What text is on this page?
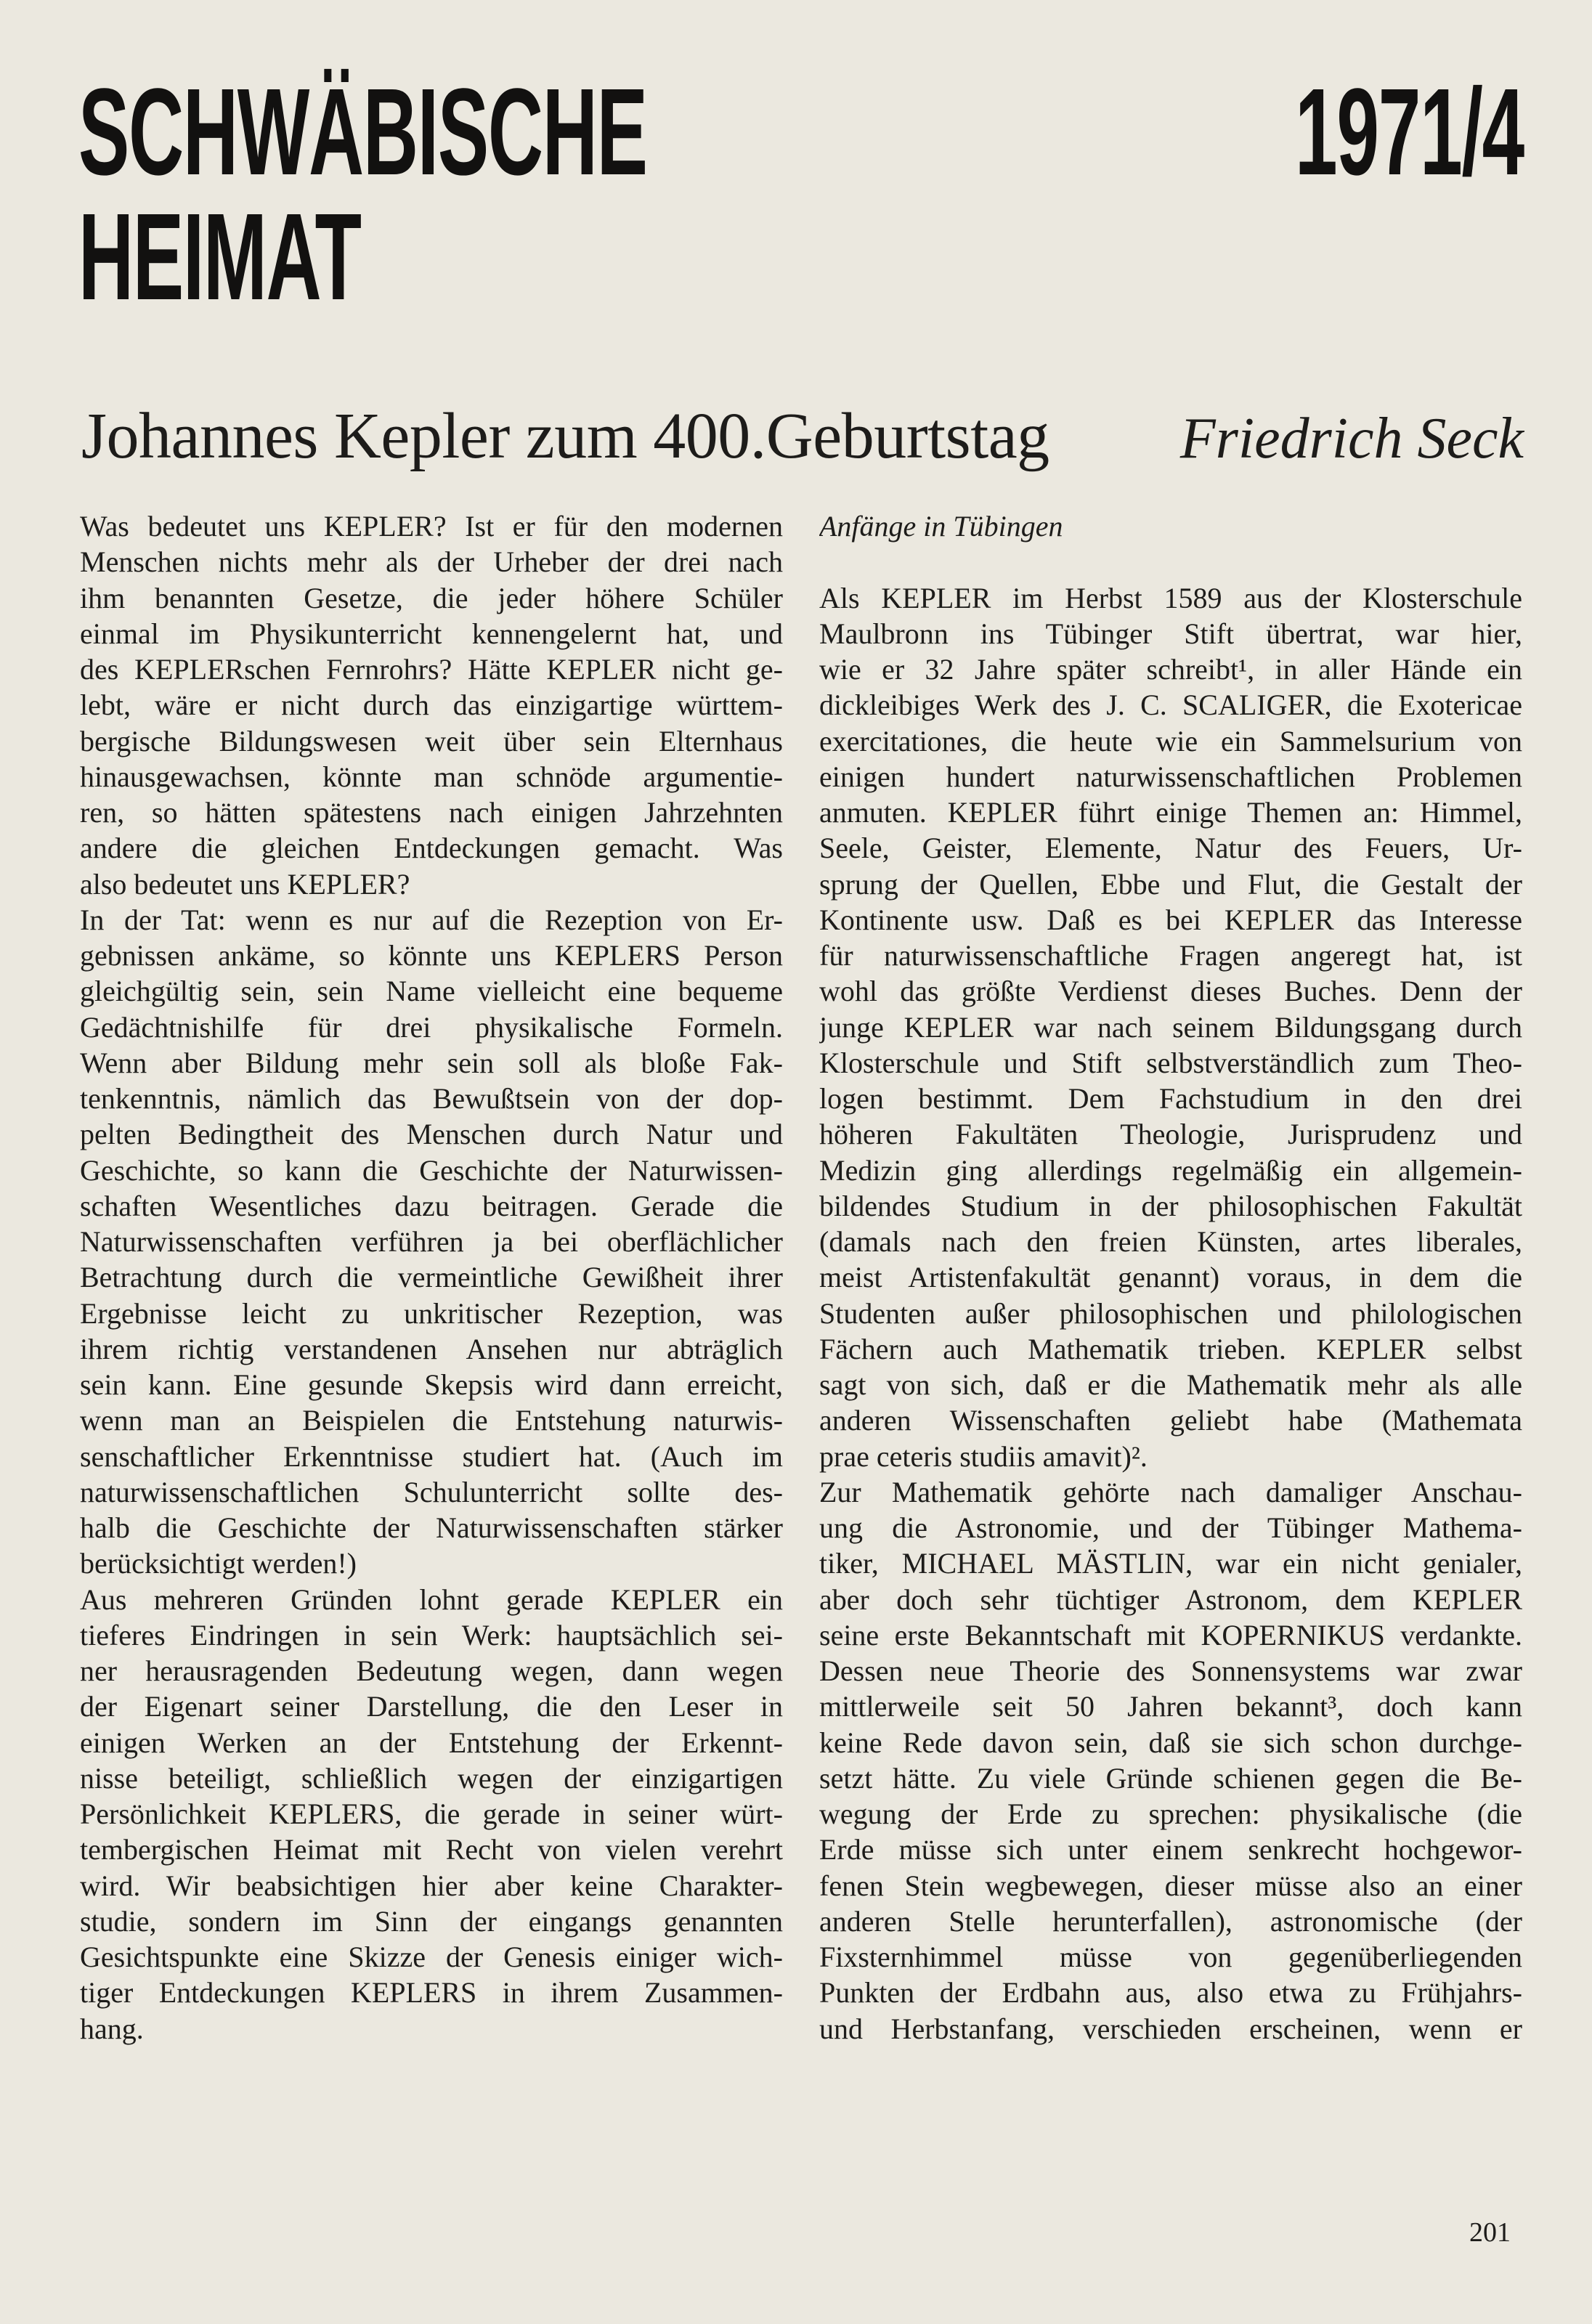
SCHWÄBISCHE HEIMAT
1971/4
Johannes Kepler zum 400.Geburtstag Friedrich Seck
Was bedeutet uns KEPLER? Ist er für den modernen
Menschen nichts mehr als der Urheber der drei nach
ihm benannten Gesetze, die jeder höhere Schüler
einmal im Physikunterricht kennengelernt hat, und
des KEPLERschen Fernrohrs? Hätte KEPLER nicht ge-
lebt, wäre er nicht durch das einzigartige württem-
bergische Bildungswesen weit über sein Elternhaus
hinausgewachsen, könnte man schnöde argumentie-
ren, so hätten spätestens nach einigen Jahrzehnten
andere die gleichen Entdeckungen gemacht. Was
also bedeutet uns KEPLER?
In der Tat: wenn es nur auf die Rezeption von Er-
gebnissen ankäme, so könnte uns KEPLERS Person
gleichgültig sein, sein Name vielleicht eine bequeme
Gedächtnishilfe für drei physikalische Formeln.
Wenn aber Bildung mehr sein soll als bloße Fak-
tenkenntnis, nämlich das Bewußtsein von der dop-
pelten Bedingtheit des Menschen durch Natur und
Geschichte, so kann die Geschichte der Naturwissen-
schaften Wesentliches dazu beitragen. Gerade die
Naturwissenschaften verführen ja bei oberflächlicher
Betrachtung durch die vermeintliche Gewißheit ihrer
Ergebnisse leicht zu unkritischer Rezeption, was
ihrem richtig verstandenen Ansehen nur abträglich
sein kann. Eine gesunde Skepsis wird dann erreicht,
wenn man an Beispielen die Entstehung naturwis-
senschaftlicher Erkenntnisse studiert hat. (Auch im
naturwissenschaftlichen Schulunterricht sollte des-
halb die Geschichte der Naturwissenschaften stärker
berücksichtigt werden!)
Aus mehreren Gründen lohnt gerade KEPLER ein
tieferes Eindringen in sein Werk: hauptsächlich sei-
ner herausragenden Bedeutung wegen, dann wegen
der Eigenart seiner Darstellung, die den Leser in
einigen Werken an der Entstehung der Erkennt-
nisse beteiligt, schließlich wegen der einzigartigen
Persönlichkeit KEPLERS, die gerade in seiner würt-
tembergischen Heimat mit Recht von vielen verehrt
wird. Wir beabsichtigen hier aber keine Charakter-
studie, sondern im Sinn der eingangs genannten
Gesichtspunkte eine Skizze der Genesis einiger wich-
tiger Entdeckungen KEPLERS in ihrem Zusammen-
hang.
Anfänge in Tübingen
Als KEPLER im Herbst 1589 aus der Klosterschule
Maulbronn ins Tübinger Stift übertrat, war hier,
wie er 32 Jahre später schreibt¹, in aller Hände ein
dickleibiges Werk des J. C. SCALIGER, die Exotericae
exercitationes, die heute wie ein Sammelsurium von
einigen hundert naturwissenschaftlichen Problemen
anmuten. KEPLER führt einige Themen an: Himmel,
Seele, Geister, Elemente, Natur des Feuers, Ur-
sprung der Quellen, Ebbe und Flut, die Gestalt der
Kontinente usw. Daß es bei KEPLER das Interesse
für naturwissenschaftliche Fragen angeregt hat, ist
wohl das größte Verdienst dieses Buches. Denn der
junge KEPLER war nach seinem Bildungsgang durch
Klosterschule und Stift selbstverständlich zum Theo-
logen bestimmt. Dem Fachstudium in den drei
höheren Fakultäten Theologie, Jurisprudenz und
Medizin ging allerdings regelmäßig ein allgemein-
bildendes Studium in der philosophischen Fakultät
(damals nach den freien Künsten, artes liberales,
meist Artistenfakultät genannt) voraus, in dem die
Studenten außer philosophischen und philologischen
Fächern auch Mathematik trieben. KEPLER selbst
sagt von sich, daß er die Mathematik mehr als alle
anderen Wissenschaften geliebt habe (Mathemata
prae ceteris studiis amavit)².
Zur Mathematik gehörte nach damaliger Anschau-
ung die Astronomie, und der Tübinger Mathema-
tiker, MICHAEL MÄSTLIN, war ein nicht genialer,
aber doch sehr tüchtiger Astronom, dem KEPLER
seine erste Bekanntschaft mit KOPERNIKUS verdankte.
Dessen neue Theorie des Sonnensystems war zwar
mittlerweile seit 50 Jahren bekannt³, doch kann
keine Rede davon sein, daß sie sich schon durchge-
setzt hätte. Zu viele Gründe schienen gegen die Be-
wegung der Erde zu sprechen: physikalische (die
Erde müsse sich unter einem senkrecht hochgewor-
fenen Stein wegbewegen, dieser müsse also an einer
anderen Stelle herunterfallen), astronomische (der
Fixsternhimmel müsse von gegenüberliegenden
Punkten der Erdbahn aus, also etwa zu Frühjahrs-
und Herbstanfang, verschieden erscheinen, wenn er
201
